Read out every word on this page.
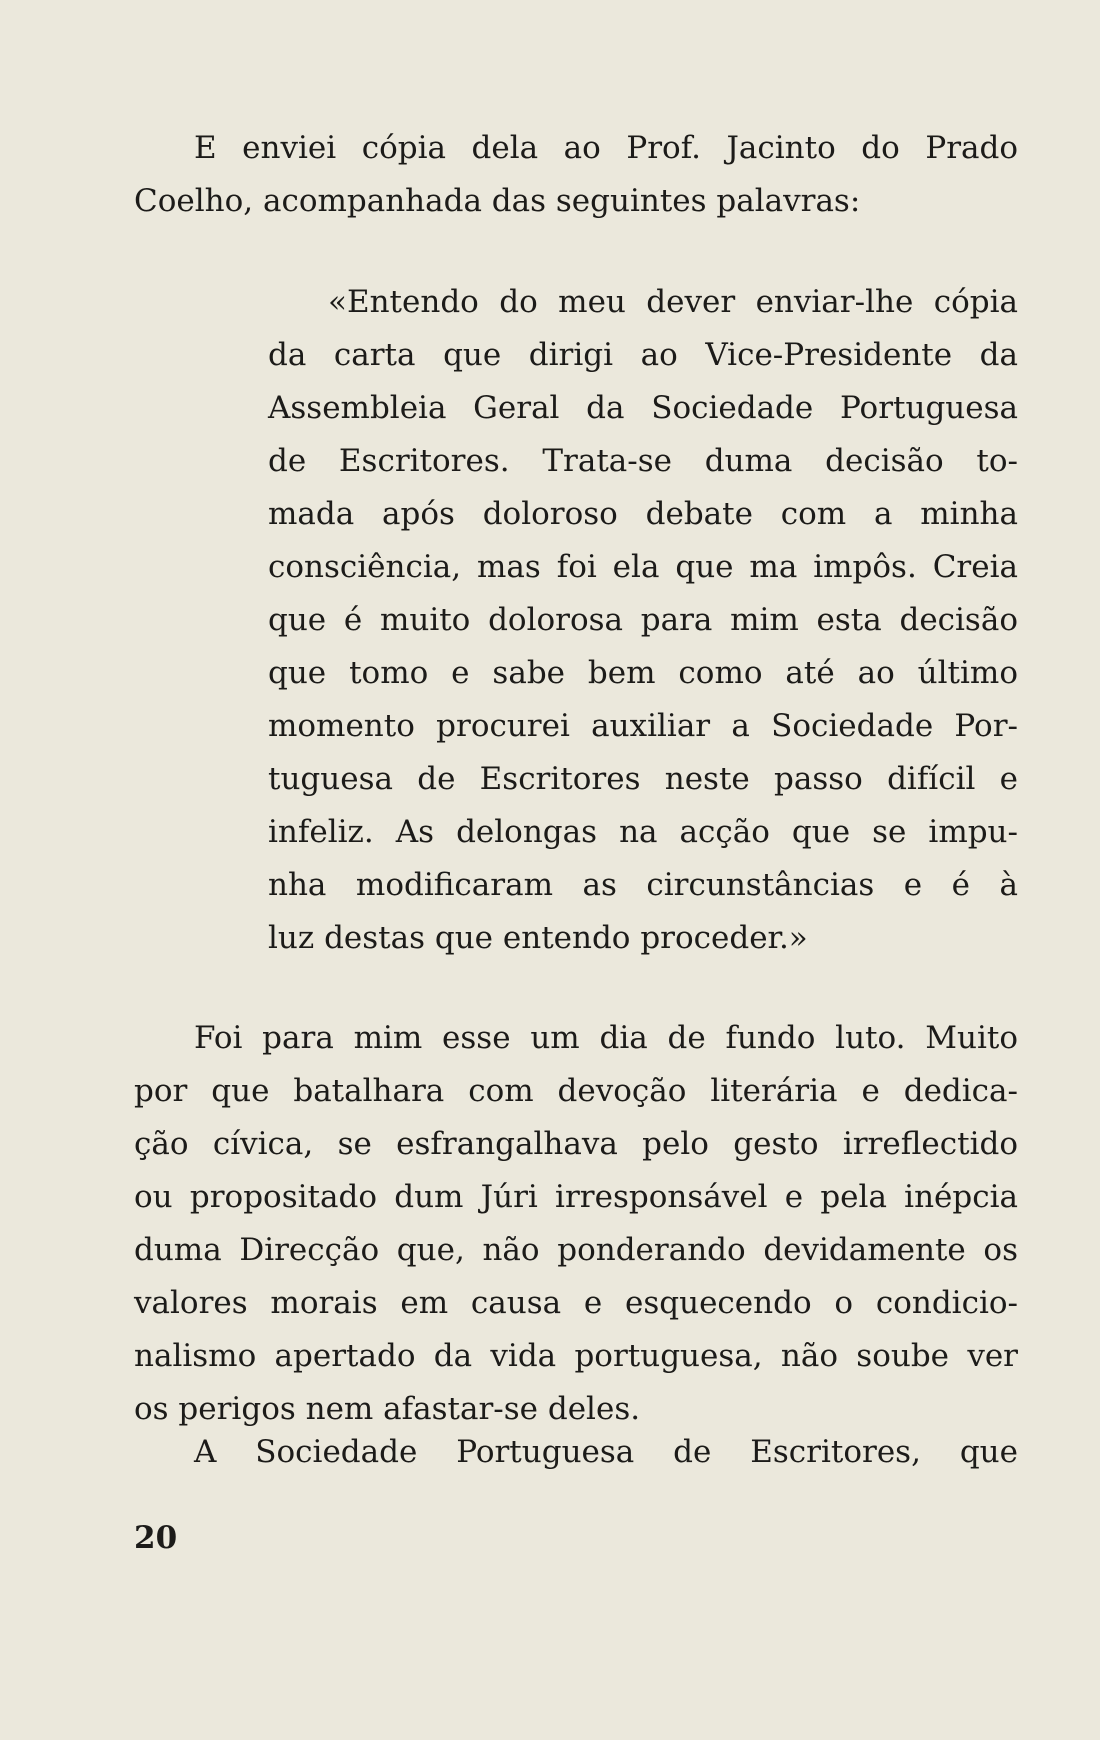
E enviei cópia dela ao Prof. Jacinto do Prado
Coelho, acompanhada das seguintes palavras:
«Entendo do meu dever enviar-lhe cópia
da carta que dirigi ao Vice-Presidente da
Assembleia Geral da Sociedade Portuguesa
de Escritores. Trata-se duma decisão to-
mada após doloroso debate com a minha
consciência, mas foi ela que ma impôs. Creia
que é muito dolorosa para mim esta decisão
que tomo e sabe bem como até ao último
momento procurei auxiliar a Sociedade Por-
tuguesa de Escritores neste passo difícil e
infeliz. As delongas na acção que se impu-
nha modificaram as circunstâncias e é à
luz destas que entendo proceder.»
Foi para mim esse um dia de fundo luto. Muito
por que batalhara com devoção literária e dedica-
ção cívica, se esfrangalhava pelo gesto irreflectido
ou propositado dum Júri irresponsável e pela inépcia
duma Direcção que, não ponderando devidamente os
valores morais em causa e esquecendo o condicio-
nalismo apertado da vida portuguesa, não soube ver
os perigos nem afastar-se deles.
A Sociedade Portuguesa de Escritores, que
20
